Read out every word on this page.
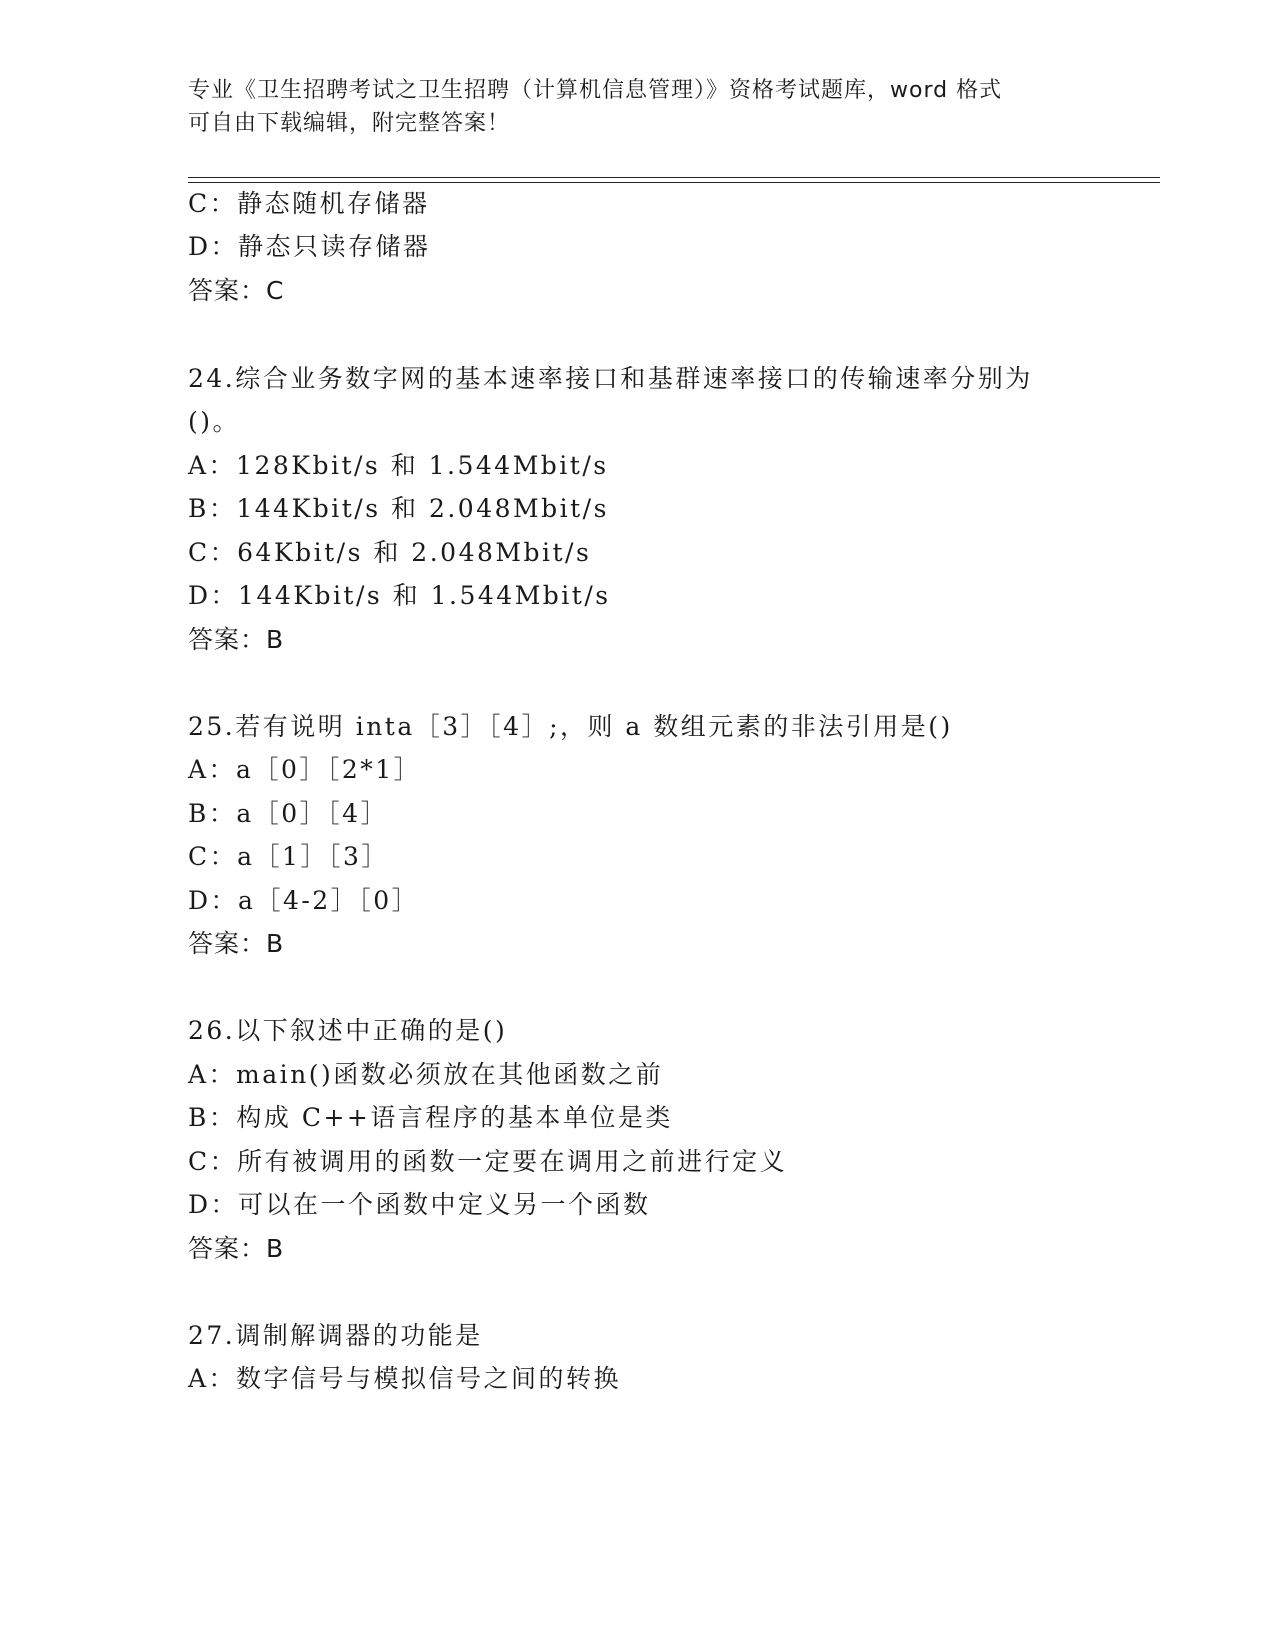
专业《卫生招聘考试之卫生招聘（计算机信息管理）》资格考试题库，word 格式
可自由下载编辑，附完整答案！
C：静态随机存储器
D：静态只读存储器
答案：C
24.综合业务数字网的基本速率接口和基群速率接口的传输速率分别为
()。
A：128Kbit/s 和 1.544Mbit/s
B：144Kbit/s 和 2.048Mbit/s
C：64Kbit/s 和 2.048Mbit/s
D：144Kbit/s 和 1.544Mbit/s
答案：B
25.若有说明 inta［3］［4］;，则 a 数组元素的非法引用是()
A：a［0］［2*1］
B：a［0］［4］
C：a［1］［3］
D：a［4-2］［0］
答案：B
26.以下叙述中正确的是()
A：main()函数必须放在其他函数之前
B：构成 C++语言程序的基本单位是类
C：所有被调用的函数一定要在调用之前进行定义
D：可以在一个函数中定义另一个函数
答案：B
27.调制解调器的功能是
A：数字信号与模拟信号之间的转换
